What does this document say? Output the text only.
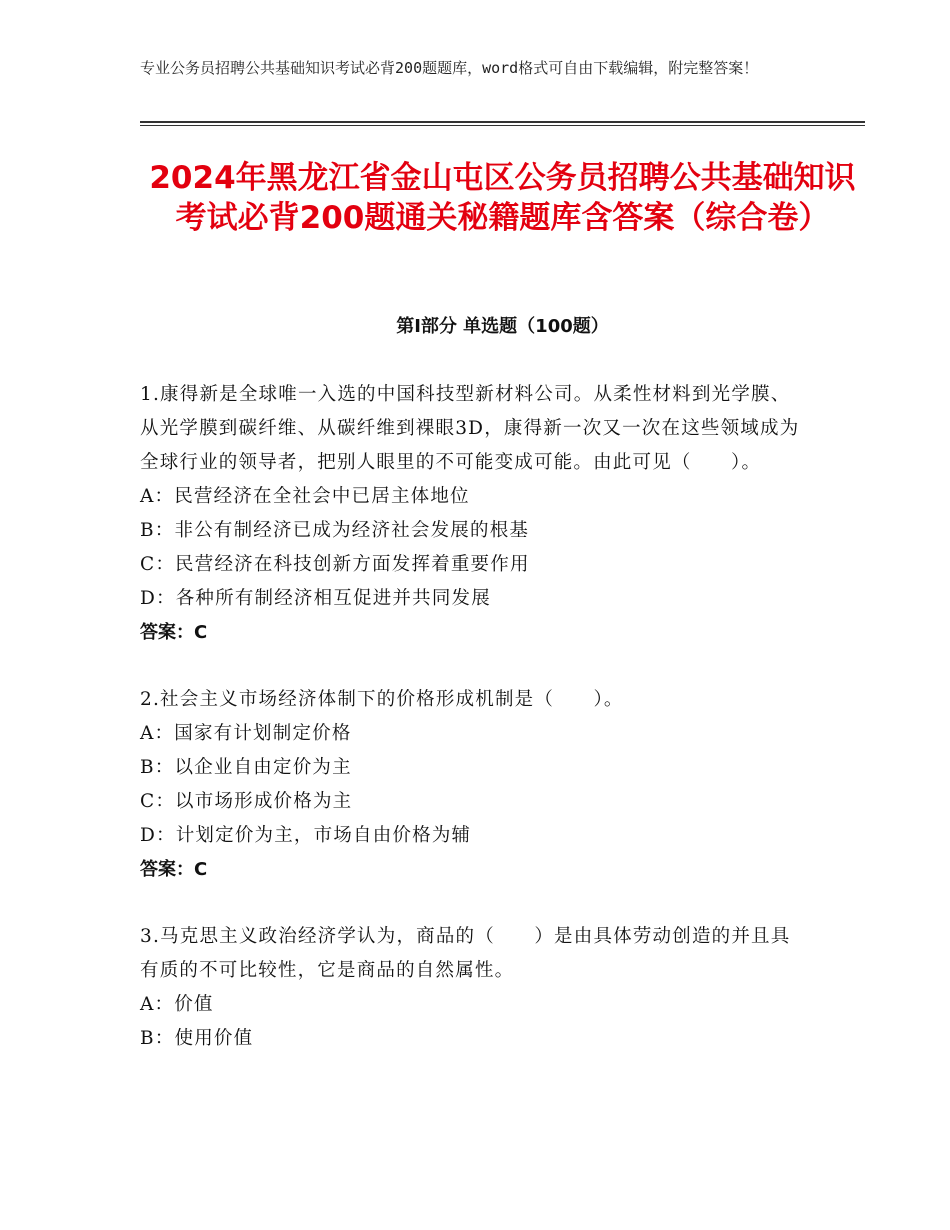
专业公务员招聘公共基础知识考试必背200题题库，word格式可自由下载编辑，附完整答案！
2024年黑龙江省金山屯区公务员招聘公共基础知识考试必背200题通关秘籍题库含答案（综合卷）
第Ⅰ部分 单选题（100题）
1.康得新是全球唯一入选的中国科技型新材料公司。从柔性材料到光学膜、从光学膜到碳纤维、从碳纤维到裸眼3D，康得新一次又一次在这些领域成为全球行业的领导者，把别人眼里的不可能变成可能。由此可见（　　）。
A：民营经济在全社会中已居主体地位
B：非公有制经济已成为经济社会发展的根基
C：民营经济在科技创新方面发挥着重要作用
D：各种所有制经济相互促进并共同发展
答案：C
2.社会主义市场经济体制下的价格形成机制是（　　）。
A：国家有计划制定价格
B：以企业自由定价为主
C：以市场形成价格为主
D：计划定价为主，市场自由价格为辅
答案：C
3.马克思主义政治经济学认为，商品的（　　）是由具体劳动创造的并且具有质的不可比较性，它是商品的自然属性。
A：价值
B：使用价值
